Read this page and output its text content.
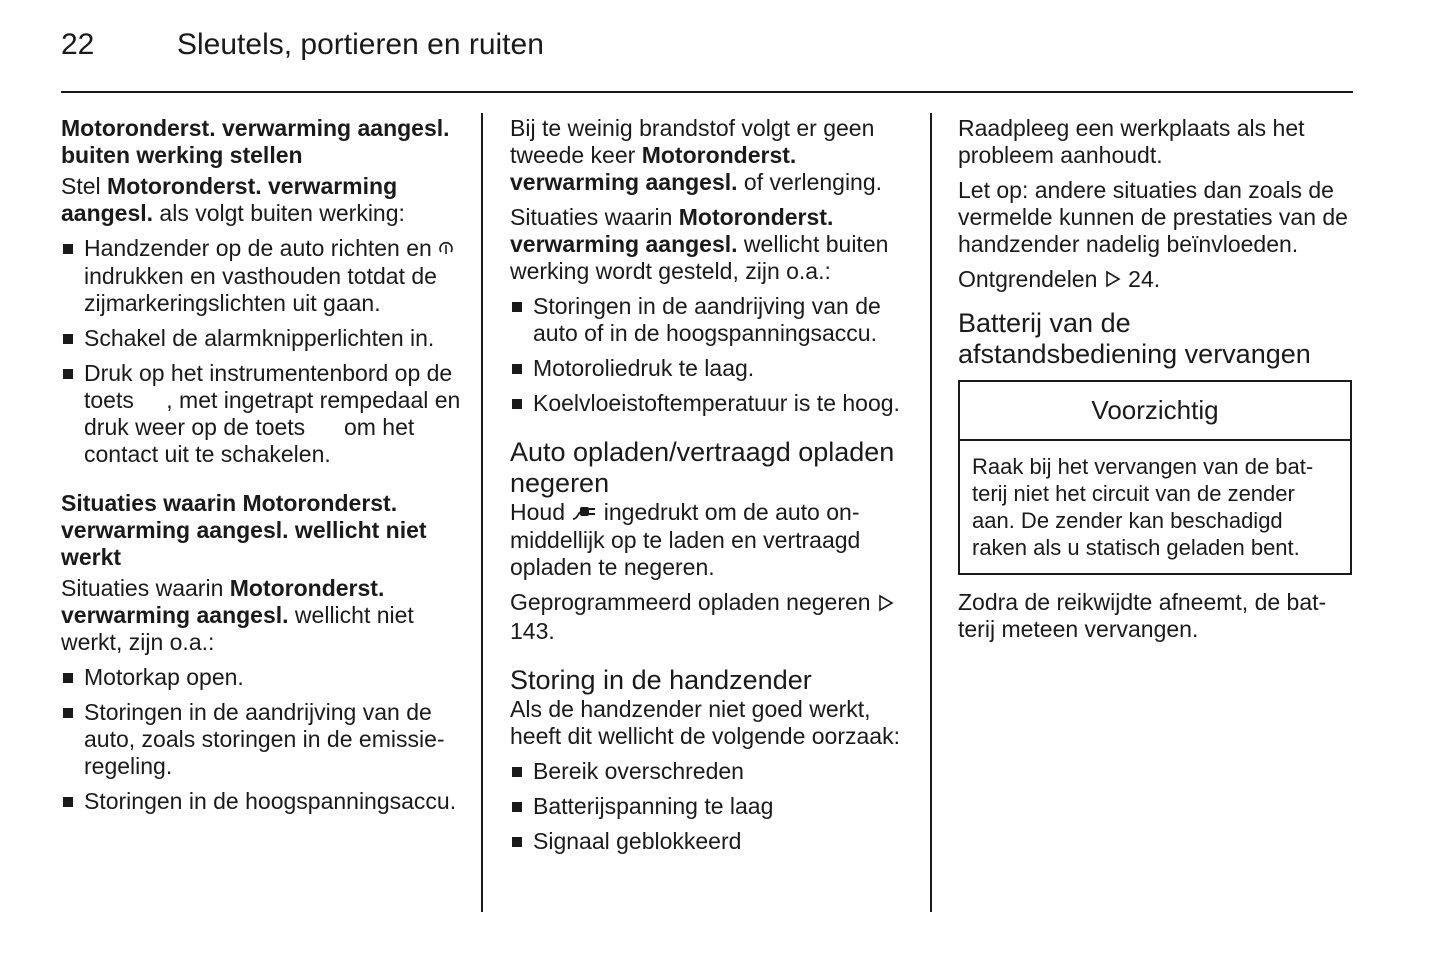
22	Sleutels, portieren en ruiten

Motoronderst. verwarming aangesl. buiten werking stellen

Stel Motoronderst. verwarming aangesl. als volgt buiten werking:

Handzender op de auto richten en  indrukken en vasthouden totdat de zijmarkeringslichten uit gaan.
Schakel de alarmknipperlichten in.
Druk op het instrumentenbord op de toets , met ingetrapt rempedaal en druk weer op de toets  om het contact uit te schakelen.

Situaties waarin Motoronderst. verwarming aangesl. wellicht niet werkt

Situaties waarin Motoronderst. verwarming aangesl. wellicht niet werkt, zijn o.a.:

Motorkap open.
Storingen in de aandrijving van de auto, zoals storingen in de emissieregeling.
Storingen in de hoogspanningsaccu.

Bij te weinig brandstof volgt er geen tweede keer Motoronderst. verwarming aangesl. of verlenging.

Situaties waarin Motoronderst. verwarming aangesl. wellicht buiten werking wordt gesteld, zijn o.a.:

Storingen in de aandrijving van de auto of in de hoogspanningsaccu.
Motoroliedruk te laag.
Koelvloeistoftemperatuur is te hoog.
Auto opladen/vertraagd opladen negeren

Houd  ingedrukt om de auto onmiddellijk op te laden en vertraagd opladen te negeren.

Geprogrammeerd opladen negeren  143.

Storing in de handzender

Als de handzender niet goed werkt, heeft dit wellicht de volgende oorzaak:

Bereik overschreden
Batterijspanning te laag
Signaal geblokkeerd

Raadpleeg een werkplaats als het probleem aanhoudt.

Let op: andere situaties dan zoals de vermelde kunnen de prestaties van de handzender nadelig beïnvloeden.

Ontgrendelen  24.

Batterij van de afstandsbediening vervangen
Voorzichtig
Raak bij het vervangen van de batterij niet het circuit van de zender aan. De zender kan beschadigd raken als u statisch geladen bent.

Zodra de reikwijdte afneemt, de batterij meteen vervangen.
